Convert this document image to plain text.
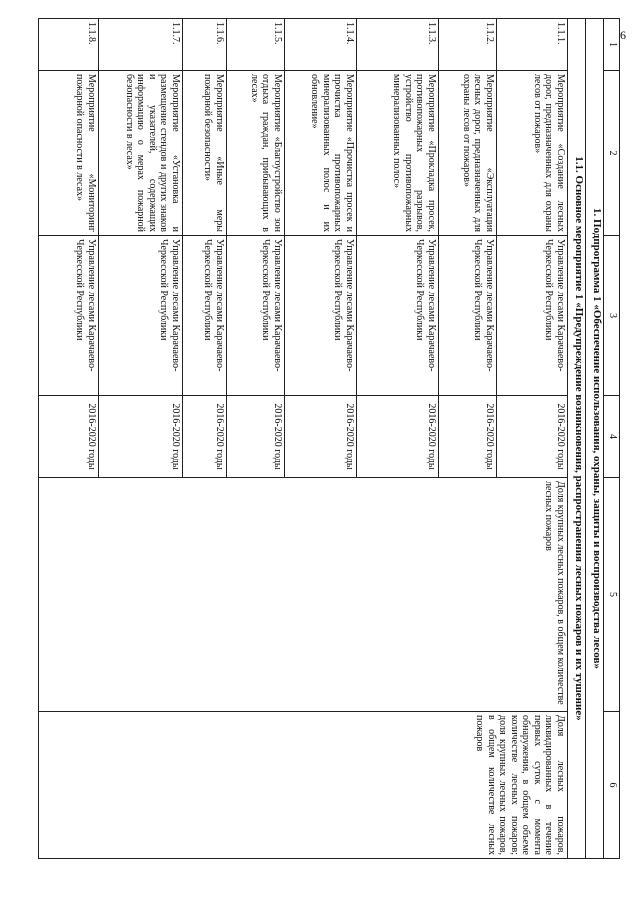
6
1	2	3	4	5	6
1. Подпрограмма 1 «Обеспечение использования, охраны, защиты и воспроизводства лесов»					
1.1. Основное мероприятие 1 «Предупреждение возникновения, распространения лесных пожаров и их тушение»					
1.1.1.	Мероприятие «Создание лесных дорог, предназначенных для охраны лесов от пожаров»	Управление лесами Карачаево-Черкесской Республики	2016-2020 годы	Доля крупных лесных пожаров, в общем количестве лесных пожаров	Доля лесных пожаров, ликвидированных в течение первых суток с момента обнаружения, в общем объеме количестве лесных пожаров; доля крупных лесных пожаров, в общем количестве лесных пожаров
1.1.2.	Мероприятие «Эксплуатация лесных дорог, предназначенных для охраны лесов от пожаров»	Управление лесами Карачаево-Черкесской Республики	2016-2020 годы		
1.1.3.	Мероприятие «Прокладка просек, противопожарных разрывов, устройство противопожарных минерализованных полос»	Управление лесами Карачаево-Черкесской Республики	2016-2020 годы		
1.1.4.	Мероприятие «Прочистка просек и прочистка противопожарных минерализованных полос и их обновление»	Управление лесами Карачаево-Черкесской Республики	2016-2020 годы		
1.1.5.	Мероприятие «Благоустройство зон отдыха граждан, прибывающих в лесах»	Управление лесами Карачаево-Черкесской Республики	2016-2020 годы		
1.1.6.	Мероприятие «Иные меры пожарной безопасности»	Управление лесами Карачаево-Черкесской Республики	2016-2020 годы		
1.1.7.	Мероприятие «Установка и размещение стендов и других знаков и указателей, содержащих информацию о мерах пожарной безопасности в лесах»	Управление лесами Карачаево-Черкесской Республики	2016-2020 годы		
1.1.8.	Мероприятие «Мониторинг пожарной опасности в лесах»	Управление лесами Карачаево-Черкесской Республики	2016-2020 годы		
